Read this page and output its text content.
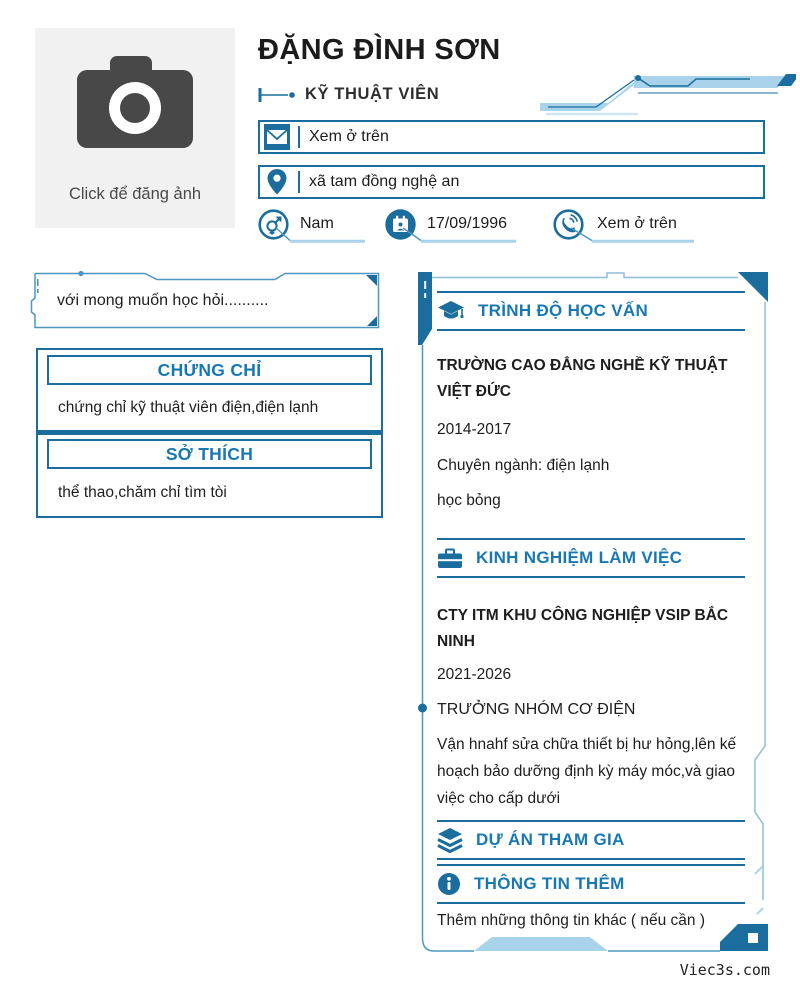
Click để đăng ảnh
ĐẶNG ĐÌNH SƠN
KỸ THUẬT VIÊN
Xem ở trên
xã tam đồng nghệ an
Nam	17/09/1996	Xem ở trên
với mong muốn học hỏi..........
CHỨNG CHỈ
chứng chỉ kỹ thuật viên điện,điện lạnh
SỞ THÍCH
thể thao,chăm chỉ tìm tòi
TRÌNH ĐỘ HỌC VẤN
TRƯỜNG CAO ĐẲNG NGHỀ KỸ THUẬT VIỆT ĐỨC
2014-2017
Chuyên ngành: điện lạnh
học bỏng
KINH NGHIỆM LÀM VIỆC
CTY ITM KHU CÔNG NGHIỆP VSIP BẮC NINH
2021-2026
TRƯỞNG NHÓM CƠ ĐIỆN
Vận hnahf sửa chữa thiết bị hư hỏng,lên kế hoạch bảo dưỡng định kỳ máy móc,và giao việc cho cấp dưới
DỰ ÁN THAM GIA
THÔNG TIN THÊM
Thêm những thông tin khác ( nếu cần )
Viec3s.com
